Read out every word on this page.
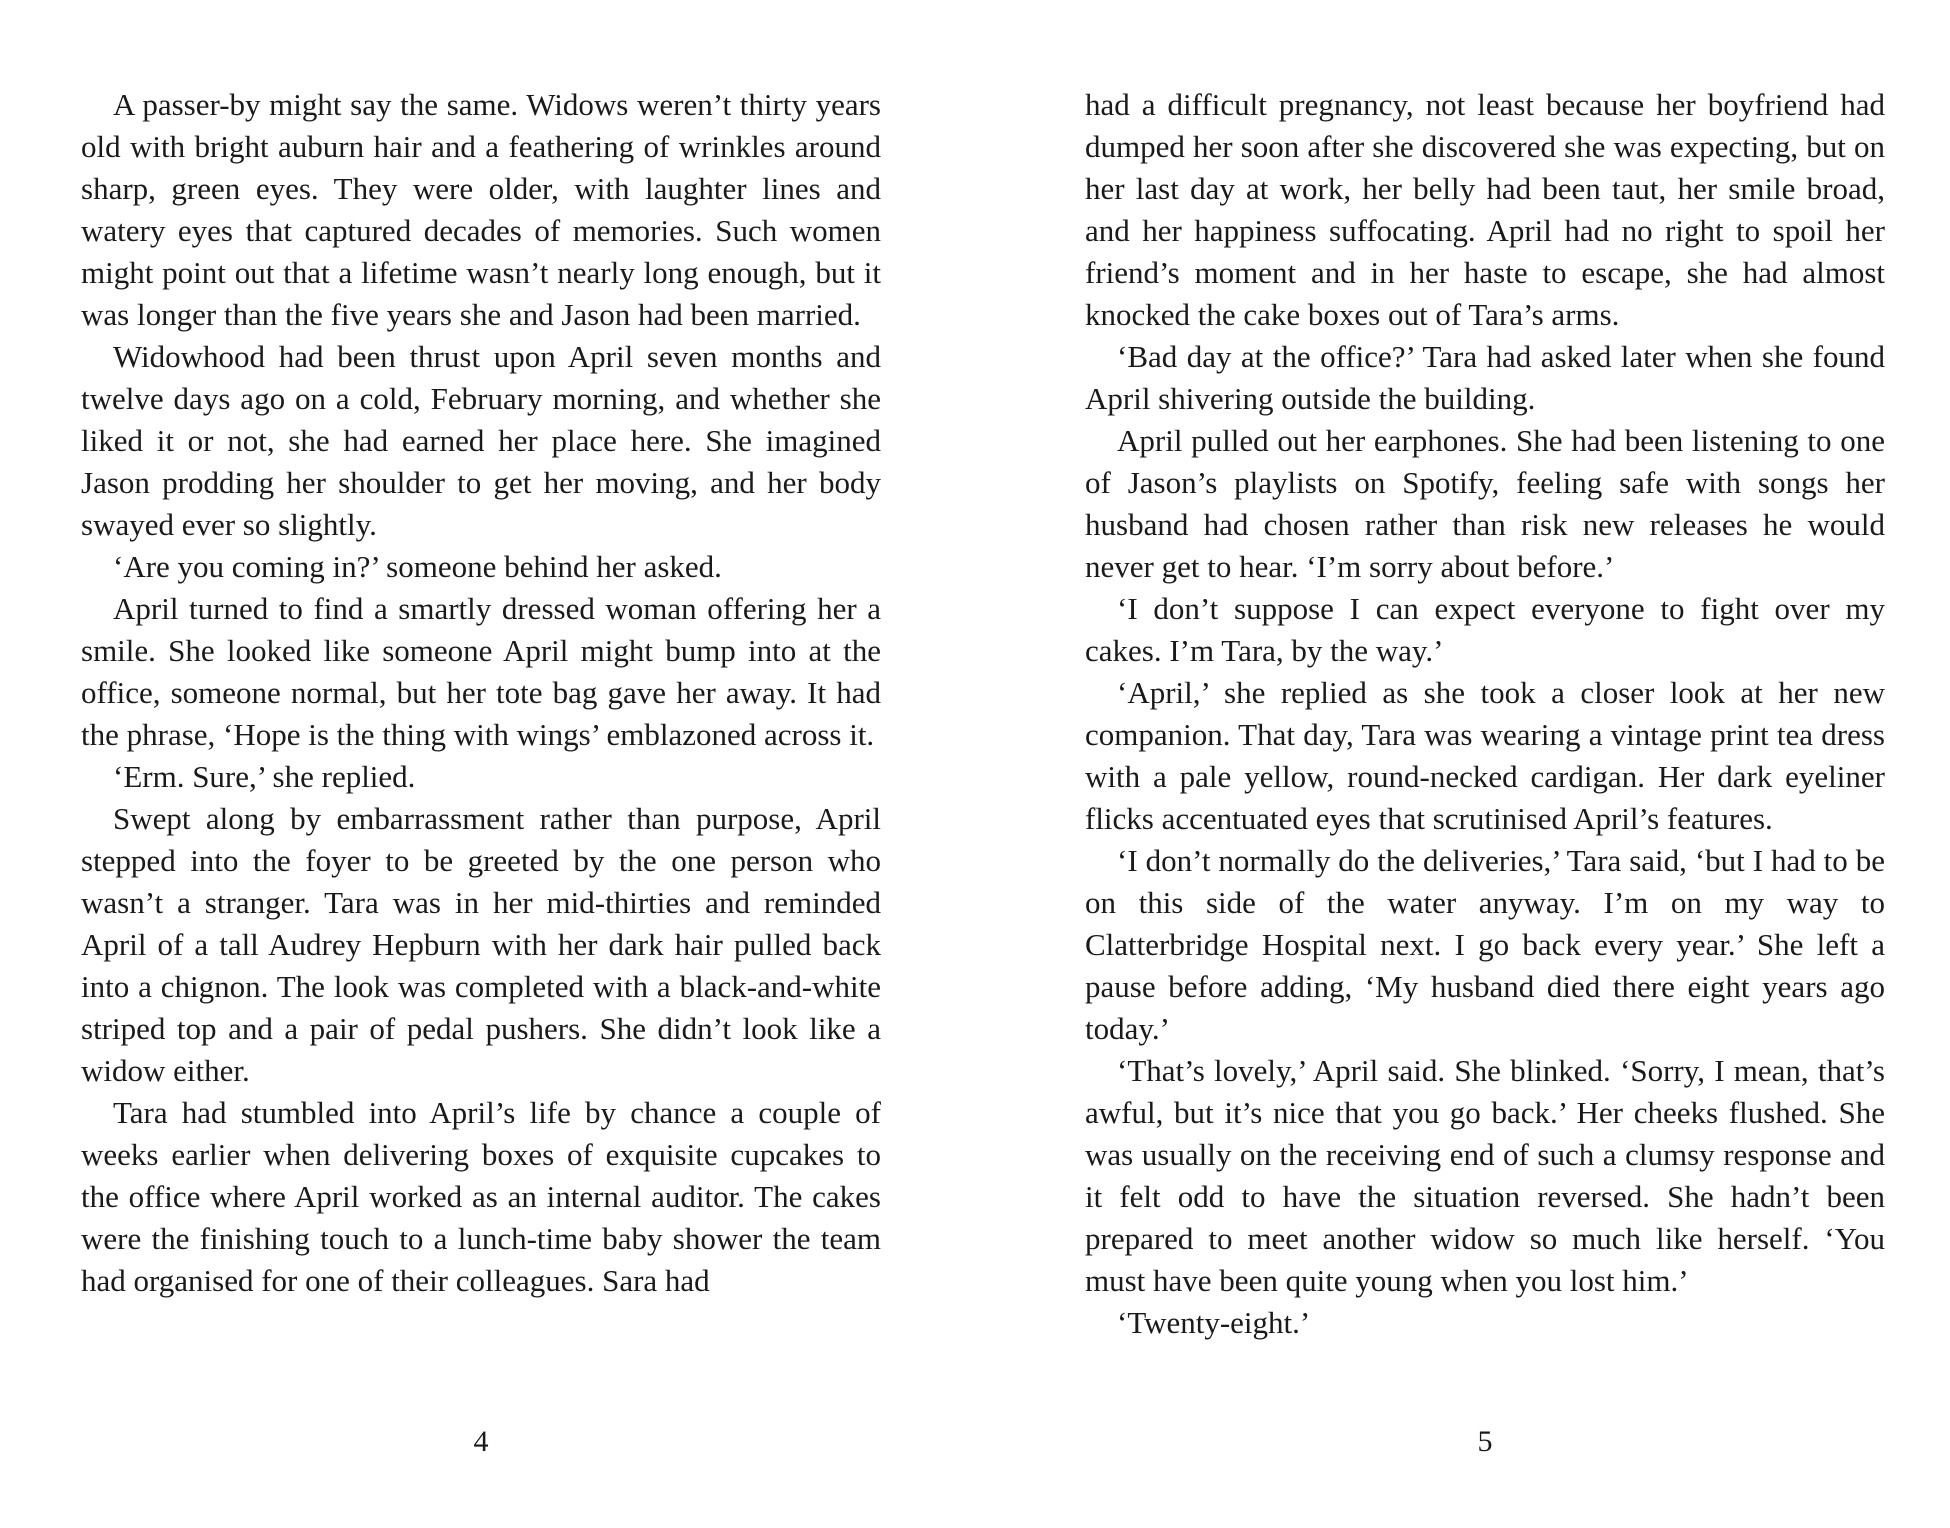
A passer-by might say the same. Widows weren’t thirty years old with bright auburn hair and a feathering of wrinkles around sharp, green eyes. They were older, with laughter lines and watery eyes that captured decades of memories. Such women might point out that a lifetime wasn’t nearly long enough, but it was longer than the five years she and Jason had been married.

Widowhood had been thrust upon April seven months and twelve days ago on a cold, February morning, and whether she liked it or not, she had earned her place here. She imagined Jason prodding her shoulder to get her moving, and her body swayed ever so slightly.

‘Are you coming in?’ someone behind her asked.

April turned to find a smartly dressed woman offering her a smile. She looked like someone April might bump into at the office, someone normal, but her tote bag gave her away. It had the phrase, ‘Hope is the thing with wings’ emblazoned across it.

‘Erm. Sure,’ she replied.

Swept along by embarrassment rather than purpose, April stepped into the foyer to be greeted by the one person who wasn’t a stranger. Tara was in her mid-thirties and reminded April of a tall Audrey Hepburn with her dark hair pulled back into a chignon. The look was completed with a black-and-white striped top and a pair of pedal pushers. She didn’t look like a widow either.

Tara had stumbled into April’s life by chance a couple of weeks earlier when delivering boxes of exquisite cupcakes to the office where April worked as an internal auditor. The cakes were the finishing touch to a lunch-time baby shower the team had organised for one of their colleagues. Sara had

4

had a difficult pregnancy, not least because her boyfriend had dumped her soon after she discovered she was expecting, but on her last day at work, her belly had been taut, her smile broad, and her happiness suffocating. April had no right to spoil her friend’s moment and in her haste to escape, she had almost knocked the cake boxes out of Tara’s arms.

‘Bad day at the office?’ Tara had asked later when she found April shivering outside the building.

April pulled out her earphones. She had been listening to one of Jason’s playlists on Spotify, feeling safe with songs her husband had chosen rather than risk new releases he would never get to hear. ‘I’m sorry about before.’

‘I don’t suppose I can expect everyone to fight over my cakes. I’m Tara, by the way.’

‘April,’ she replied as she took a closer look at her new companion. That day, Tara was wearing a vintage print tea dress with a pale yellow, round-necked cardigan. Her dark eyeliner flicks accentuated eyes that scrutinised April’s features.

‘I don’t normally do the deliveries,’ Tara said, ‘but I had to be on this side of the water anyway. I’m on my way to Clatterbridge Hospital next. I go back every year.’ She left a pause before adding, ‘My husband died there eight years ago today.’

‘That’s lovely,’ April said. She blinked. ‘Sorry, I mean, that’s awful, but it’s nice that you go back.’ Her cheeks flushed. She was usually on the receiving end of such a clumsy response and it felt odd to have the situation reversed. She hadn’t been prepared to meet another widow so much like herself. ‘You must have been quite young when you lost him.’

‘Twenty-eight.’

5
